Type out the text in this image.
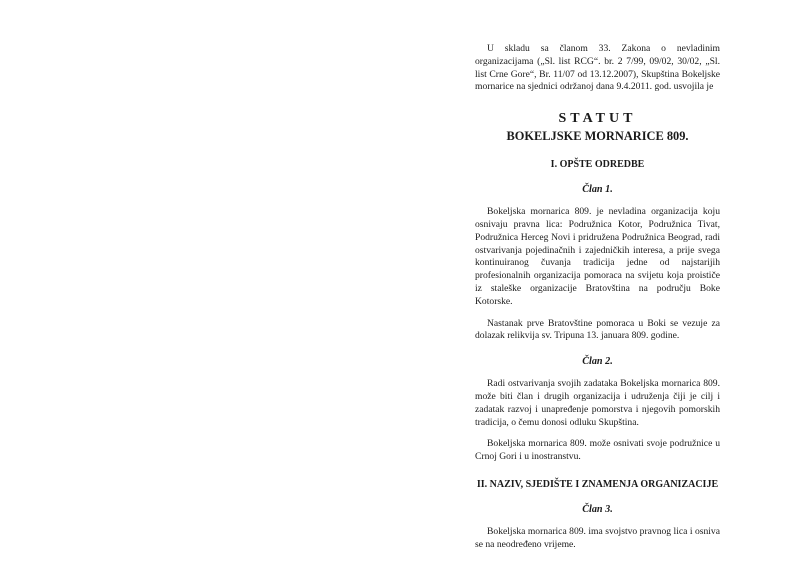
U skladu sa članom 33. Zakona o nevladinim organizacijama („Sl. list RCG“. br. 2 7/99, 09/02, 30/02, „Sl. list Crne Gore“, Br. 11/07 od 13.12.2007), Skupština Bokeljske mornarice na sjednici održanoj dana 9.4.2011. god. usvojila je

STATUT
BOKELJSKE MORNARICE 809.
I. OPŠTE ODREDBE
Član 1.

Bokeljska mornarica 809. je nevladina organizacija koju osnivaju pravna lica: Podružnica Kotor, Podružnica Tivat, Podružnica Herceg Novi i pridružena Podružnica Beograd, radi ostvarivanja pojedinačnih i zajedničkih interesa, a prije svega kontinuiranog čuvanja tradicija jedne od najstarijih profesionalnih organizacija pomoraca na svijetu koja proističe iz staleške organizacije Bratovština na području Boke Kotorske.

Nastanak prve Bratovštine pomoraca u Boki se vezuje za dolazak relikvija sv. Tripuna 13. januara 809. godine.

Član 2.

Radi ostvarivanja svojih zadataka Bokeljska mornarica 809. može biti član i drugih organizacija i udruženja čiji je cilj i zadatak razvoj i unapređenje pomorstva i njegovih pomorskih tradicija, o čemu donosi odluku Skupština.

Bokeljska mornarica 809. može osnivati svoje podružnice u Crnoj Gori i u inostranstvu.

II. NAZIV, SJEDIŠTE I ZNAMENJA ORGANIZACIJE
Član 3.

Bokeljska mornarica 809. ima svojstvo pravnog lica i osniva se na neodređeno vrijeme.
